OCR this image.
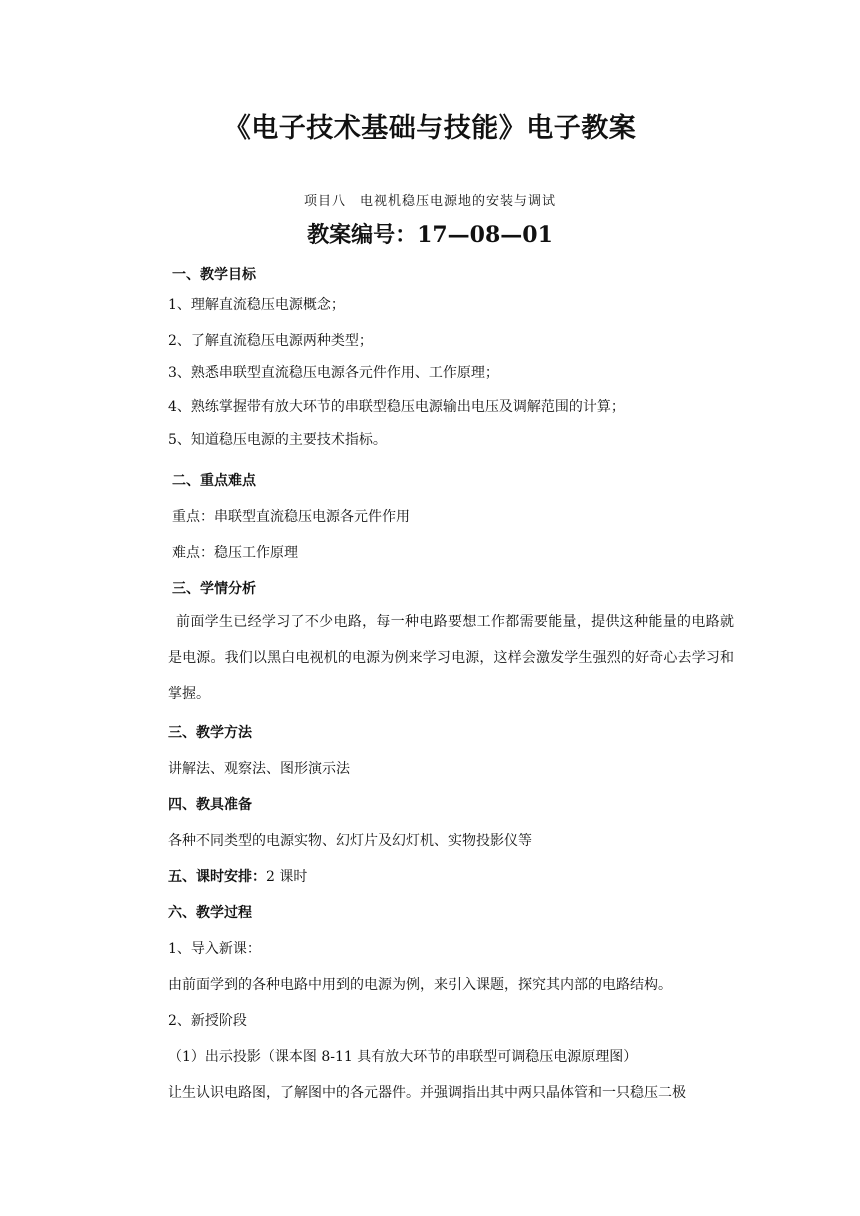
《电子技术基础与技能》电子教案
项目八　电视机稳压电源地的安装与调试
教案编号：17—08—01
一、教学目标
1、理解直流稳压电源概念；
2、了解直流稳压电源两种类型；
3、熟悉串联型直流稳压电源各元件作用、工作原理；
4、熟练掌握带有放大环节的串联型稳压电源输出电压及调解范围的计算；
5、知道稳压电源的主要技术指标。
二、重点难点
重点：串联型直流稳压电源各元件作用
难点：稳压工作原理
三、学情分析
前面学生已经学习了不少电路，每一种电路要想工作都需要能量，提供这种能量的电路就是电源。我们以黑白电视机的电源为例来学习电源，这样会激发学生强烈的好奇心去学习和掌握。
三、教学方法
讲解法、观察法、图形演示法
四、教具准备
各种不同类型的电源实物、幻灯片及幻灯机、实物投影仪等
五、课时安排：2 课时
六、教学过程
1、导入新课：
由前面学到的各种电路中用到的电源为例，来引入课题，探究其内部的电路结构。
2、新授阶段
（1）出示投影（课本图 8-11 具有放大环节的串联型可调稳压电源原理图）
让生认识电路图，了解图中的各元器件。并强调指出其中两只晶体管和一只稳压二极
